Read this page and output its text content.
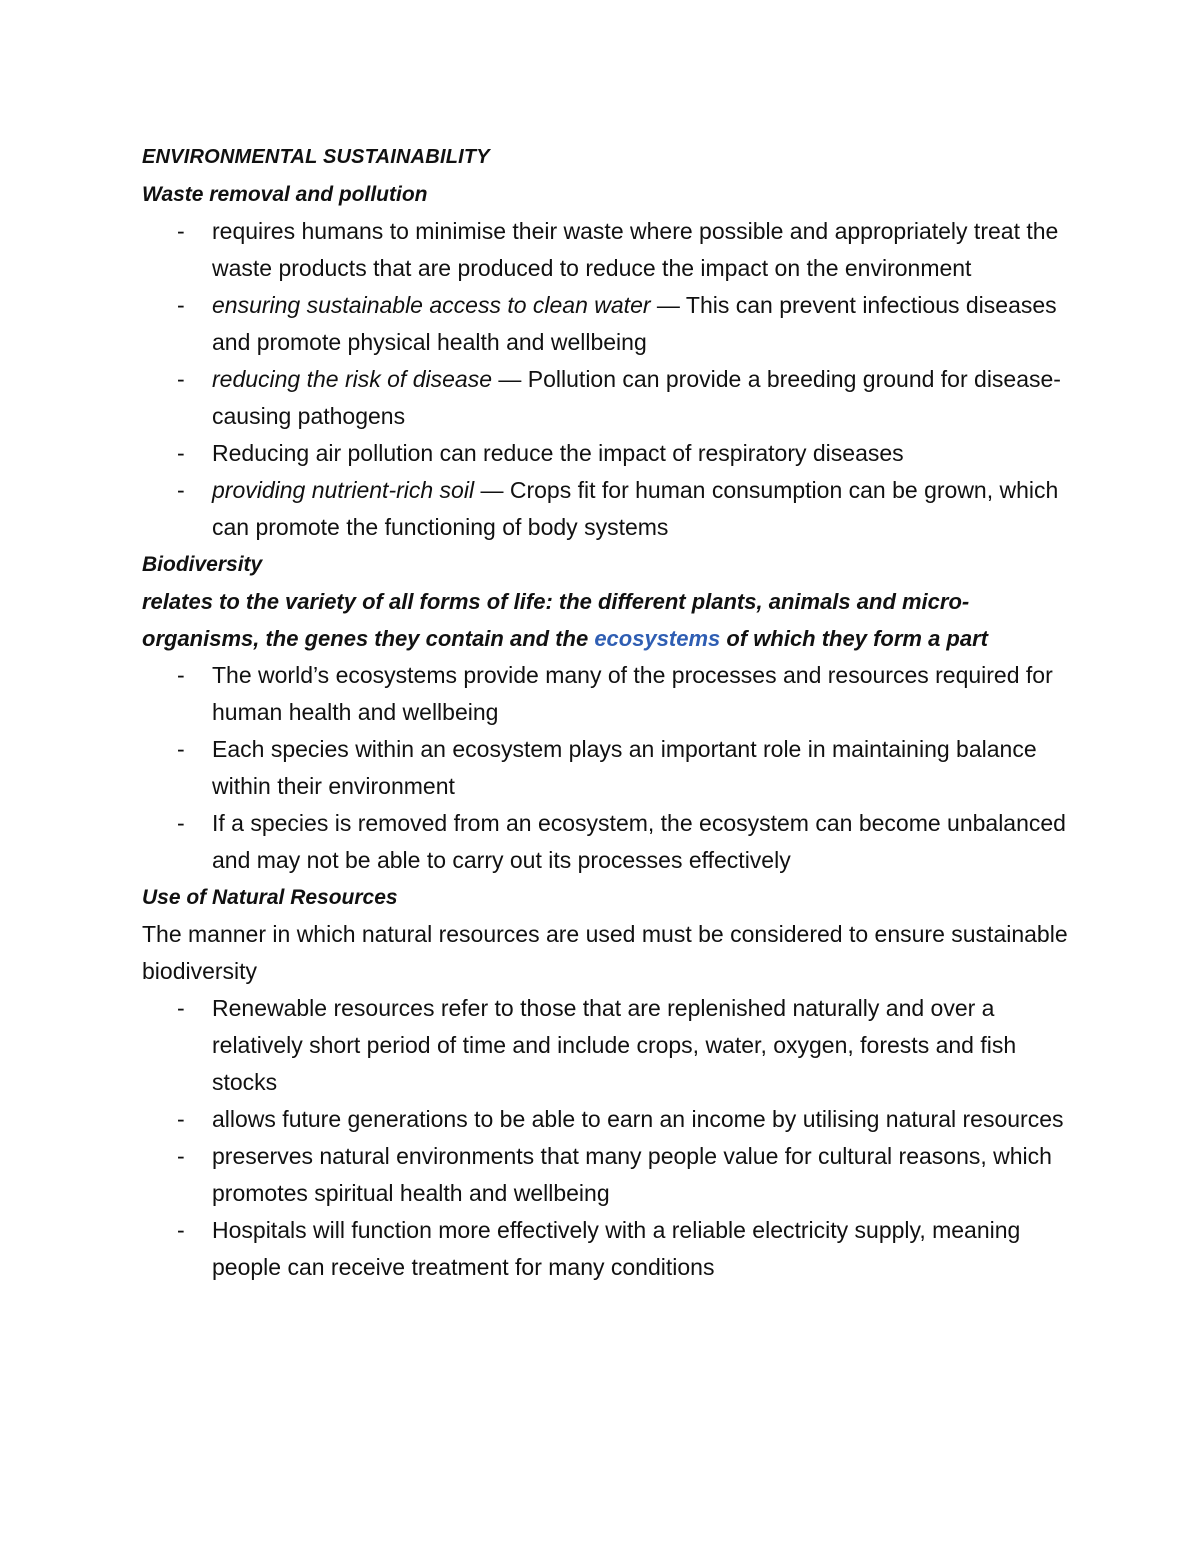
ENVIRONMENTAL SUSTAINABILITY

Waste removal and pollution

- requires humans to minimise their waste where possible and appropriately treat the waste products that are produced to reduce the impact on the environment
- ensuring sustainable access to clean water — This can prevent infectious diseases and promote physical health and wellbeing
- reducing the risk of disease — Pollution can provide a breeding ground for disease-causing pathogens
- Reducing air pollution can reduce the impact of respiratory diseases
- providing nutrient-rich soil — Crops fit for human consumption can be grown, which can promote the functioning of body systems

Biodiversity

relates to the variety of all forms of life: the different plants, animals and micro-organisms, the genes they contain and the ecosystems of which they form a part

- The world’s ecosystems provide many of the processes and resources required for human health and wellbeing
- Each species within an ecosystem plays an important role in maintaining balance within their environment
- If a species is removed from an ecosystem, the ecosystem can become unbalanced and may not be able to carry out its processes effectively

Use of Natural Resources

The manner in which natural resources are used must be considered to ensure sustainable biodiversity

- Renewable resources refer to those that are replenished naturally and over a relatively short period of time and include crops, water, oxygen, forests and fish stocks
- allows future generations to be able to earn an income by utilising natural resources
- preserves natural environments that many people value for cultural reasons, which promotes spiritual health and wellbeing
- Hospitals will function more effectively with a reliable electricity supply, meaning people can receive treatment for many conditions
